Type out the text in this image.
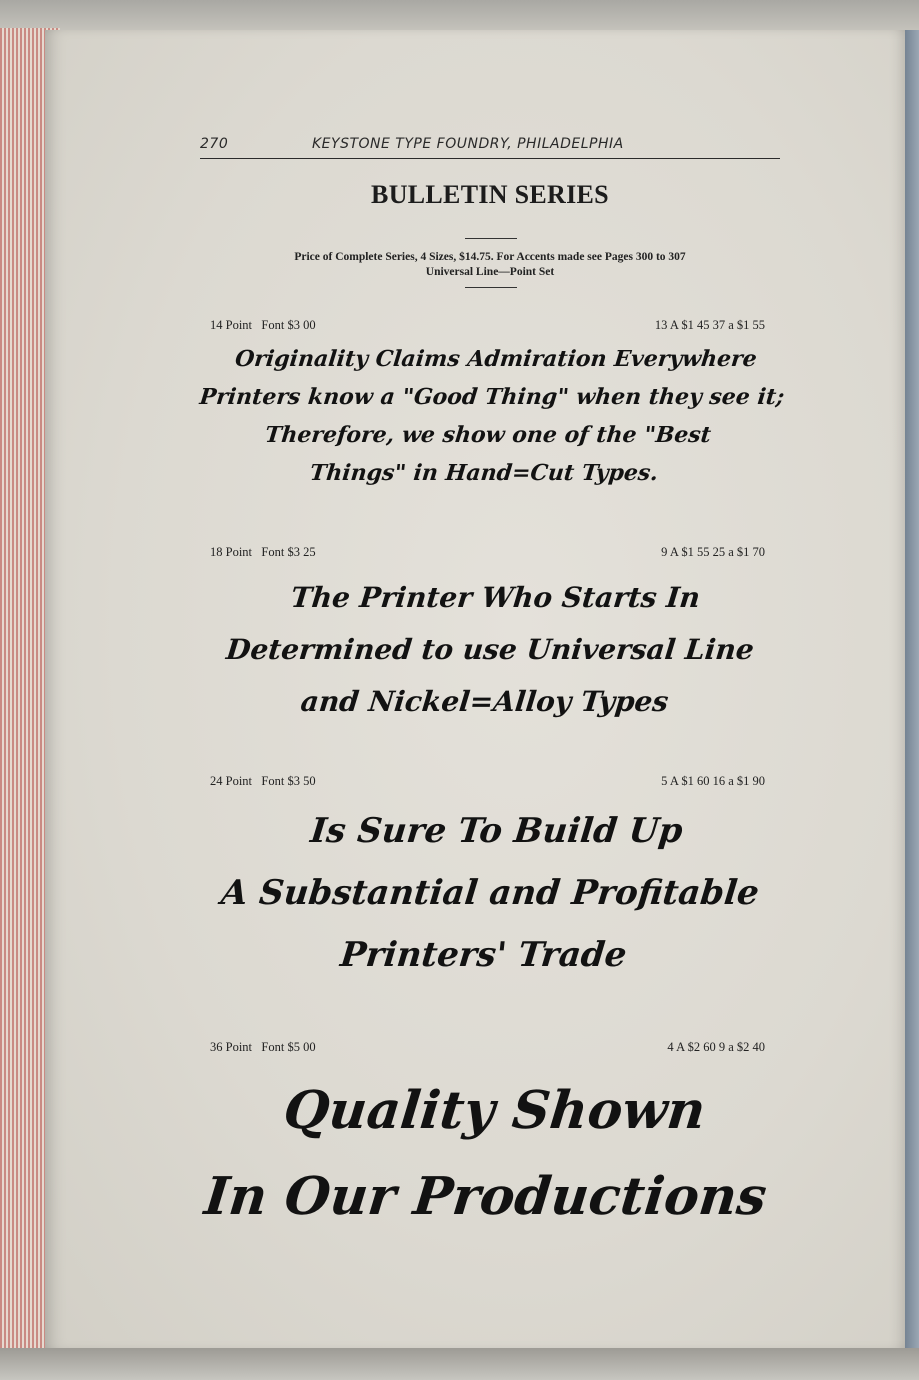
270	KEYSTONE TYPE FOUNDRY, PHILADELPHIA
BULLETIN SERIES
Price of Complete Series, 4 Sizes, $14.75. For Accents made see Pages 300 to 307
Universal Line—Point Set
14 Point Font $3 00	13 A $1 45 37 a $1 55
Originality Claims Admiration Everywhere
Printers know a "Good Thing" when they see it;
Therefore, we show one of the "Best
Things" in Hand=Cut Types.
18 Point Font $3 25	9 A $1 55 25 a $1 70
The Printer Who Starts In
Determined to use Universal Line
and Nickel=Alloy Types
24 Point Font $3 50	5 A $1 60 16 a $1 90
Is Sure To Build Up
A Substantial and Profitable
Printers' Trade
36 Point Font $5 00	4 A $2 60 9 a $2 40
Quality Shown
In Our Productions
